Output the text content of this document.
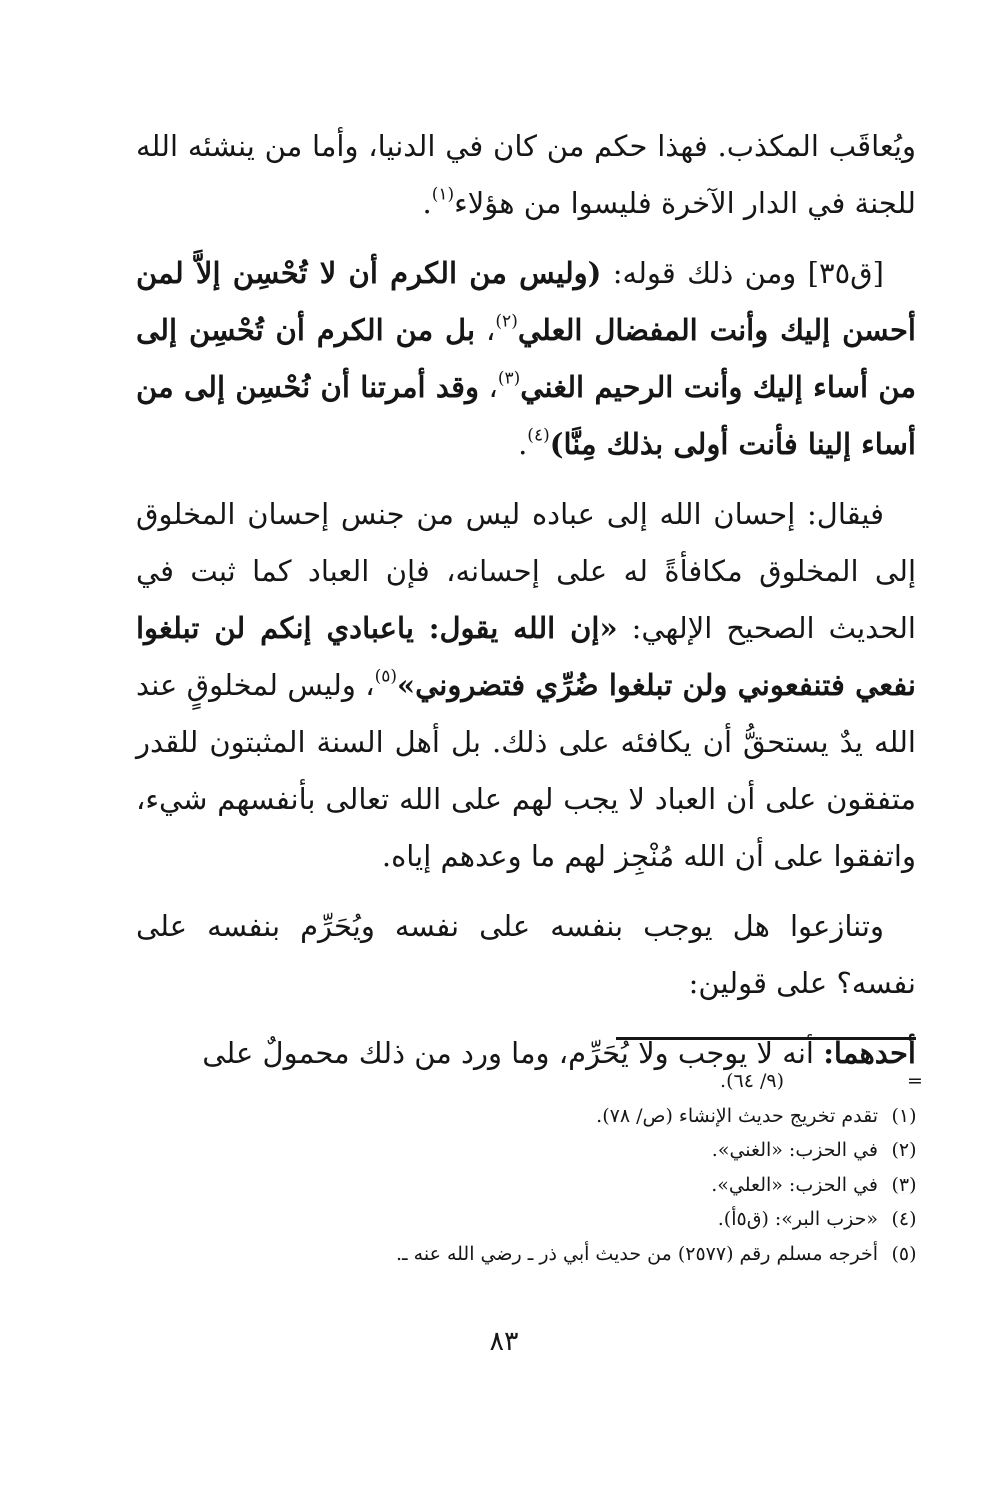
ويُعاقَب المكذب. فهذا حكم من كان في الدنيا، وأما من ينشئه الله للجنة في الدار الآخرة فليسوا من هؤلاء$^{(١)}$.

[ق٣٥] ومن ذلك قوله: (وليس من الكرم أن لا تُحْسِن إلاَّ لمن أحسن إليك وأنت المفضال العلي$^{(٢)}$، بل من الكرم أن تُحْسِن إلى من أساء إليك وأنت الرحيم الغني$^{(٣)}$، وقد أمرتنا أن نُحْسِن إلى من أساء إلينا فأنت أولى بذلك مِنَّا)$^{(٤)}$.

فيقال: إحسان الله إلى عباده ليس من جنس إحسان المخلوق إلى المخلوق مكافأةً له على إحسانه، فإن العباد كما ثبت في الحديث الصحيح الإلهي: «إن الله يقول: ياعبادي إنكم لن تبلغوا نفعي فتنفعوني ولن تبلغوا ضُرِّي فتضروني»$^{(٥)}$، وليس لمخلوقٍ عند الله يدٌ يستحقُّ أن يكافئه على ذلك. بل أهل السنة المثبتون للقدر متفقون على أن العباد لا يجب لهم على الله تعالى بأنفسهم شيء، واتفقوا على أن الله مُنْجِز لهم ما وعدهم إياه.

وتنازعوا هل يوجب بنفسه على نفسه ويُحَرِّم بنفسه على نفسه؟ على قولين:

أحدهما: أنه لا يوجب ولا يُحَرِّم، وما ورد من ذلك محمولٌ على

=
(٩/ ٦٤).
(١)
تقدم تخريج حديث الإنشاء (ص/ ٧٨).
(٢)
في الحزب: «الغني».
(٣)
في الحزب: «العلي».
(٤)
«حزب البر»: (ق٥أ).
(٥)
أخرجه مسلم رقم (٢٥٧٧) من حديث أبي ذر ـ رضي الله عنه ـ.
٨٣
